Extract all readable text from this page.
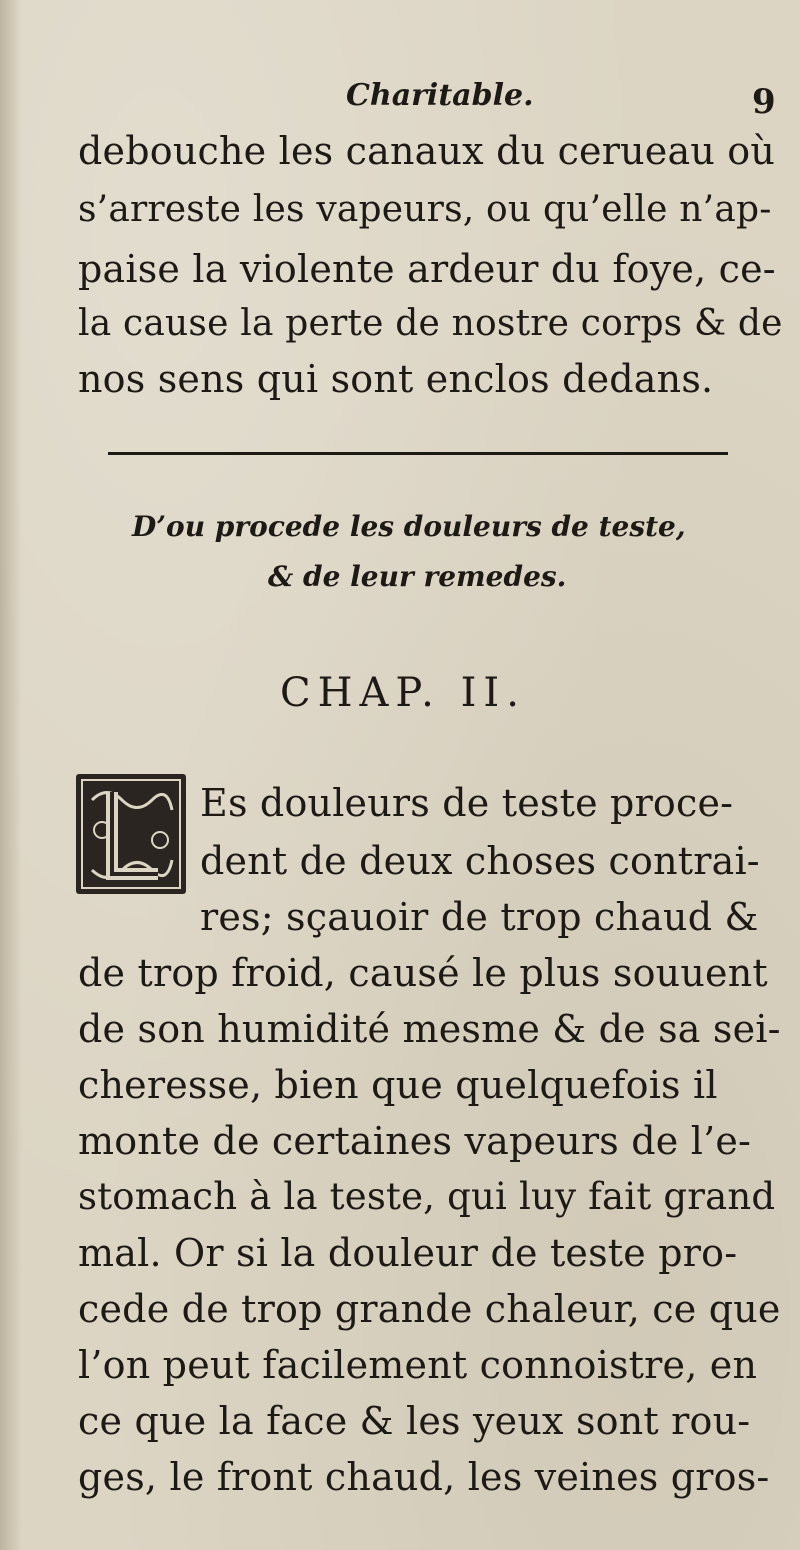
Charitable.	9
debouche les canaux du cerueau où
s’arreste les vapeurs, ou qu’elle n’ap-
paise la violente ardeur du foye, ce-
la cause la perte de nostre corps & de
nos sens qui sont enclos dedans.
D’ou procede les douleurs de teste,
& de leur remedes.
CHAP. II.
Es douleurs de teste proce-
dent de deux choses contrai-
res; sçauoir de trop chaud &
de trop froid, causé le plus souuent
de son humidité mesme & de sa sei-
cheresse, bien que quelquefois il
monte de certaines vapeurs de l’e-
stomach à la teste, qui luy fait grand
mal. Or si la douleur de teste pro-
cede de trop grande chaleur, ce que
l’on peut facilement connoistre, en
ce que la face & les yeux sont rou-
ges, le front chaud, les veines gros-
